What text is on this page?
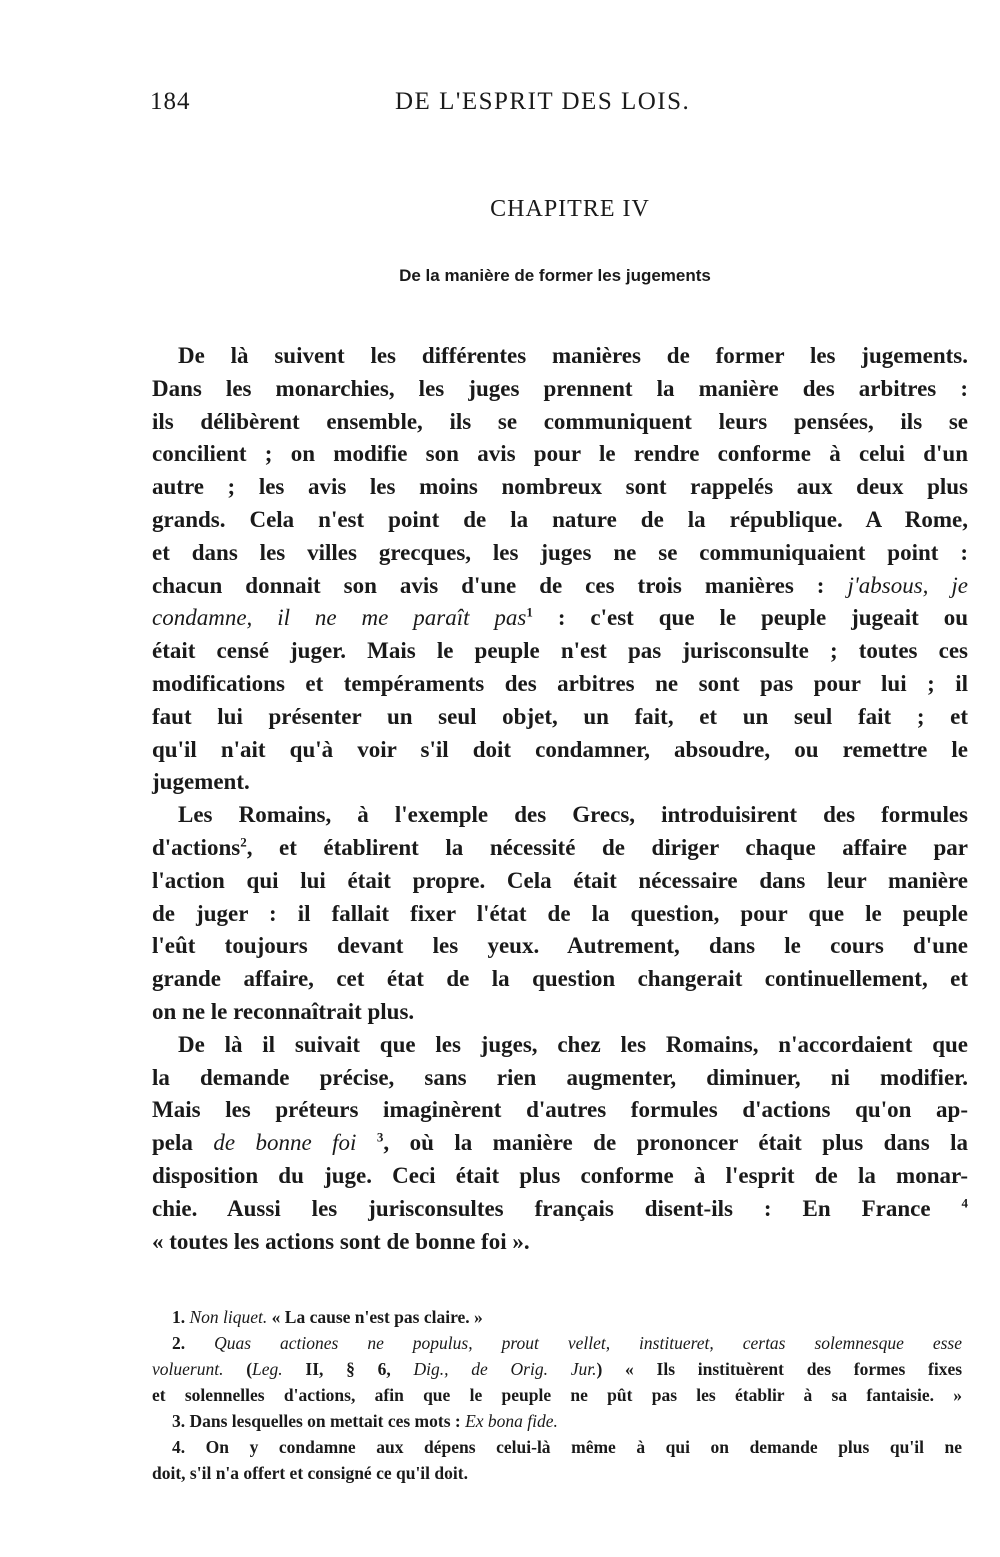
184	DE L'ESPRIT DES LOIS.
CHAPITRE IV
De la manière de former les jugements
De là suivent les différentes manières de former les jugements.
Dans les monarchies, les juges prennent la manière des arbitres :
ils délibèrent ensemble, ils se communiquent leurs pensées, ils se
concilient ; on modifie son avis pour le rendre conforme à celui d'un
autre ; les avis les moins nombreux sont rappelés aux deux plus
grands. Cela n'est point de la nature de la république. A Rome,
et dans les villes grecques, les juges ne se communiquaient point :
chacun donnait son avis d'une de ces trois manières : j'absous, je
condamne, il ne me paraît pas$^1$ : c'est que le peuple jugeait ou
était censé juger. Mais le peuple n'est pas jurisconsulte ; toutes ces
modifications et tempéraments des arbitres ne sont pas pour lui ; il
faut lui présenter un seul objet, un fait, et un seul fait ; et
qu'il n'ait qu'à voir s'il doit condamner, absoudre, ou remettre le
jugement.
Les Romains, à l'exemple des Grecs, introduisirent des formules
d'actions$^2$, et établirent la nécessité de diriger chaque affaire par
l'action qui lui était propre. Cela était nécessaire dans leur manière
de juger : il fallait fixer l'état de la question, pour que le peuple
l'eût toujours devant les yeux. Autrement, dans le cours d'une
grande affaire, cet état de la question changerait continuellement, et
on ne le reconnaîtrait plus.
De là il suivait que les juges, chez les Romains, n'accordaient que
la demande précise, sans rien augmenter, diminuer, ni modifier.
Mais les préteurs imaginèrent d'autres formules d'actions qu'on ap-
pela de bonne foi $^3$, où la manière de prononcer était plus dans la
disposition du juge. Ceci était plus conforme à l'esprit de la monar-
chie. Aussi les jurisconsultes français disent-ils : En France $^4$
« toutes les actions sont de bonne foi ».
1. Non liquet. « La cause n'est pas claire. »
2. Quas actiones ne populus, prout vellet, institueret, certas solemnesque esse
voluerunt. (Leg. II, § 6, Dig., de Orig. Jur.) « Ils instituèrent des formes fixes
et solennelles d'actions, afin que le peuple ne pût pas les établir à sa fantaisie. »
3. Dans lesquelles on mettait ces mots : Ex bona fide.
4. On y condamne aux dépens celui-là même à qui on demande plus qu'il ne
doit, s'il n'a offert et consigné ce qu'il doit.
